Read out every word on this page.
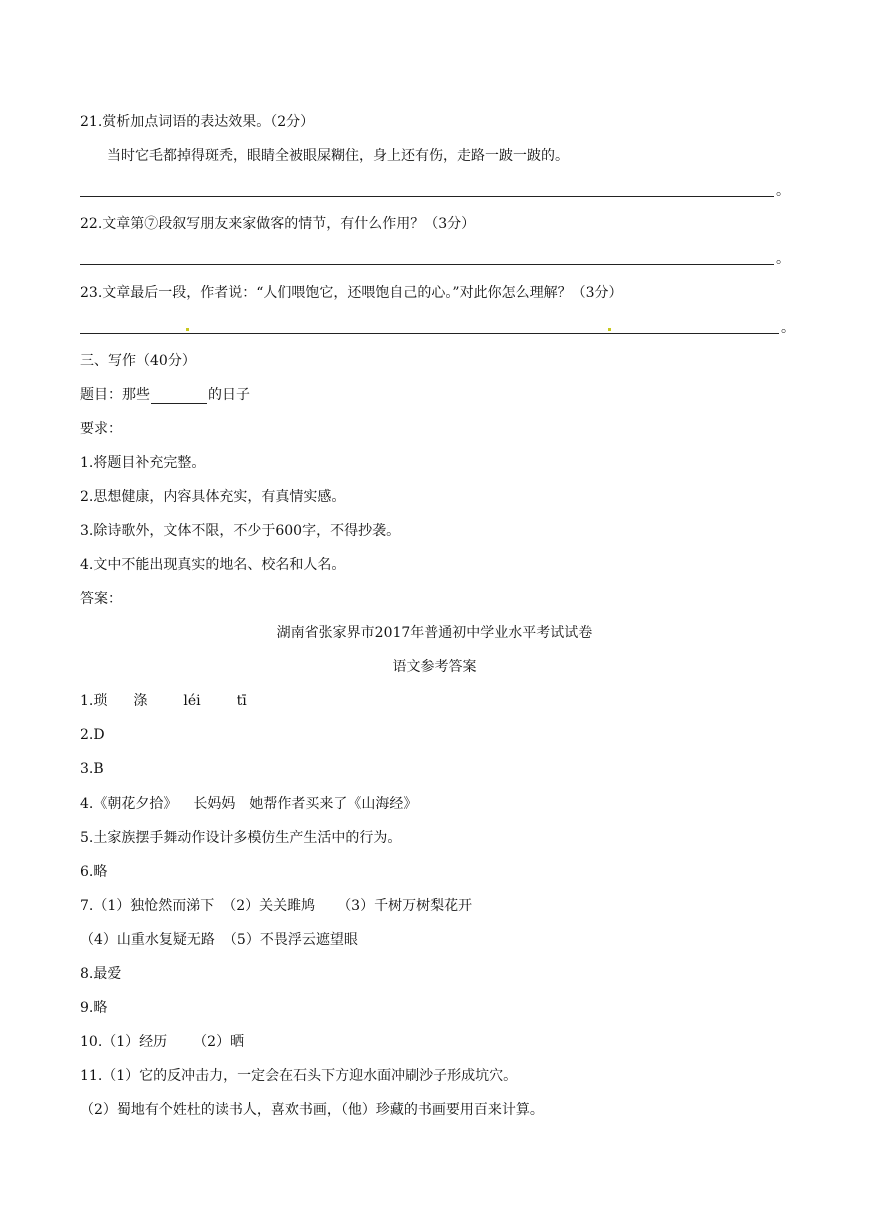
21.赏析加点词语的表达效果。（2分）
当时它毛都掉得斑秃，眼睛全被眼屎糊住，身上还有伤，走路一跛一跛的。
。
22.文章第⑦段叙写朋友来家做客的情节，有什么作用？（3分）
。
23.文章最后一段，作者说：“人们喂饱它，还喂饱自己的心。”对此你怎么理解？（3分）
。
三、写作（40分）
题目：那些	的日子
要求：
1.将题目补充完整。
2.思想健康，内容具体充实，有真情实感。
3.除诗歌外，文体不限，不少于600字，不得抄袭。
4.文中不能出现真实的地名、校名和人名。
答案：
湖南省张家界市2017年普通初中学业水平考试试卷
语文参考答案
1.琐 涤	léi	tī
2.D
3.B
4.《朝花夕拾》 长妈妈 她帮作者买来了《山海经》
5.土家族摆手舞动作设计多模仿生产生活中的行为。
6.略
7.（1）独怆然而涕下 （2）关关雎鸠 （3）千树万树梨花开
（4）山重水复疑无路 （5）不畏浮云遮望眼
8.最爱
9.略
10.（1）经历 （2）晒
11.（1）它的反冲击力，一定会在石头下方迎水面冲刷沙子形成坑穴。
（2）蜀地有个姓杜的读书人，喜欢书画，（他）珍藏的书画要用百来计算。
